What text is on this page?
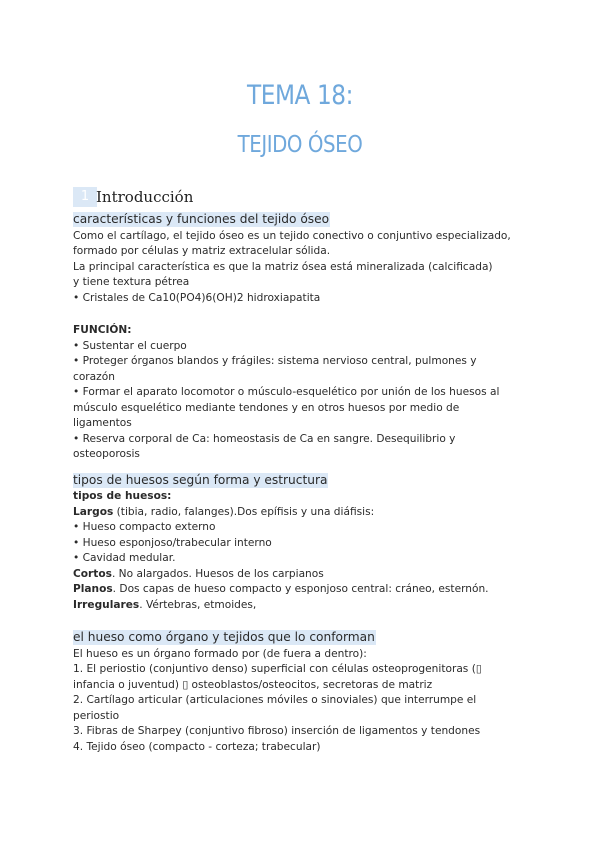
TEMA 18:
TEJIDO ÓSEO
1 Introducción
características y funciones del tejido óseo
Como el cartílago, el tejido óseo es un tejido conectivo o conjuntivo especializado,
formado por células y matriz extracelular sólida.
La principal característica es que la matriz ósea está mineralizada (calcificada)
y tiene textura pétrea
• Cristales de Ca10(PO4)6(OH)2 hidroxiapatita
FUNCIÓN:
• Sustentar el cuerpo
• Proteger órganos blandos y frágiles: sistema nervioso central, pulmones y
corazón
• Formar el aparato locomotor o músculo-esquelético por unión de los huesos al
músculo esquelético mediante tendones y en otros huesos por medio de
ligamentos
• Reserva corporal de Ca: homeostasis de Ca en sangre. Desequilibrio y
osteoporosis
tipos de huesos según forma y estructura
tipos de huesos:
Largos (tibia, radio, falanges).Dos epífisis y una diáfisis:
• Hueso compacto externo
• Hueso esponjoso/trabecular interno
• Cavidad medular.
Cortos. No alargados. Huesos de los carpianos
Planos. Dos capas de hueso compacto y esponjoso central: cráneo, esternón.
Irregulares. Vértebras, etmoides,
el hueso como órgano y tejidos que lo conforman
El hueso es un órgano formado por (de fuera a dentro):
1. El periostio (conjuntivo denso) superficial con células osteoprogenitoras (▯
infancia o juventud) ▯ osteoblastos/osteocitos, secretoras de matriz
2. Cartílago articular (articulaciones móviles o sinoviales) que interrumpe el
periostio
3. Fibras de Sharpey (conjuntivo fibroso) inserción de ligamentos y tendones
4. Tejido óseo (compacto - corteza; trabecular)
